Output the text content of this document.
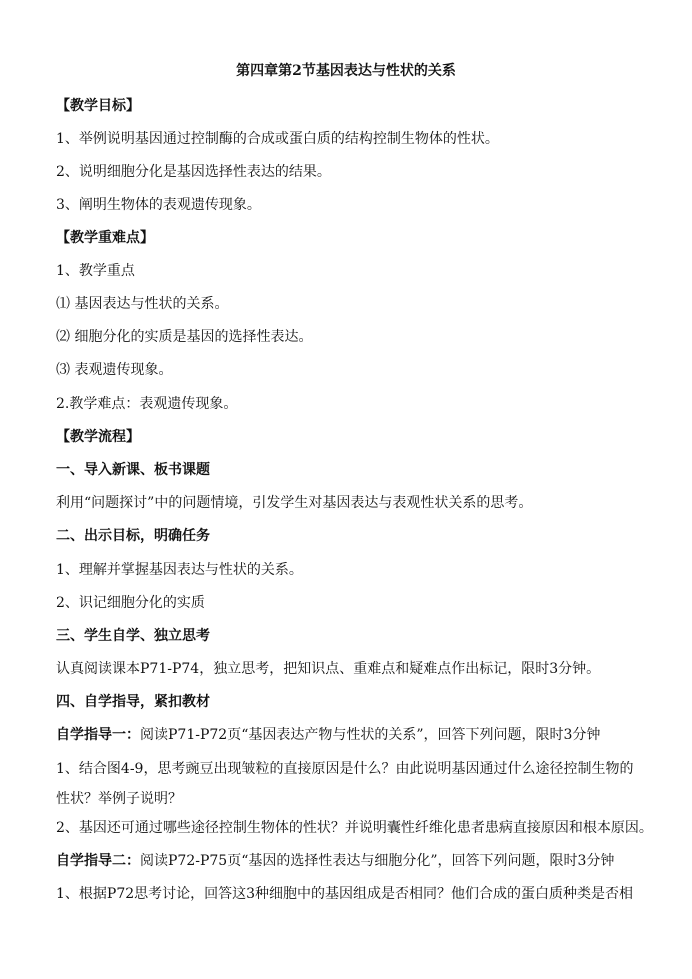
第四章第2节基因表达与性状的关系
【教学目标】
1、举例说明基因通过控制酶的合成或蛋白质的结构控制生物体的性状。
2、说明细胞分化是基因选择性表达的结果。
3、阐明生物体的表观遗传现象。
【教学重难点】
1、教学重点
⑴ 基因表达与性状的关系。
⑵ 细胞分化的实质是基因的选择性表达。
⑶ 表观遗传现象。
2.教学难点：表观遗传现象。
【教学流程】
一、导入新课、板书课题
利用“问题探讨”中的问题情境，引发学生对基因表达与表观性状关系的思考。
二、出示目标，明确任务
1、理解并掌握基因表达与性状的关系。
2、识记细胞分化的实质
三、学生自学、独立思考
认真阅读课本P71-P74，独立思考，把知识点、重难点和疑难点作出标记，限时3分钟。
四、自学指导，紧扣教材
自学指导一：阅读P71-P72页“基因表达产物与性状的关系”，回答下列问题，限时3分钟
1、结合图4-9，思考豌豆出现皱粒的直接原因是什么？由此说明基因通过什么途径控制生物的性状？举例子说明？
2、基因还可通过哪些途径控制生物体的性状？并说明囊性纤维化患者患病直接原因和根本原因。
自学指导二：阅读P72-P75页“基因的选择性表达与细胞分化”，回答下列问题，限时3分钟
1、根据P72思考讨论，回答这3种细胞中的基因组成是否相同？他们合成的蛋白质种类是否相
